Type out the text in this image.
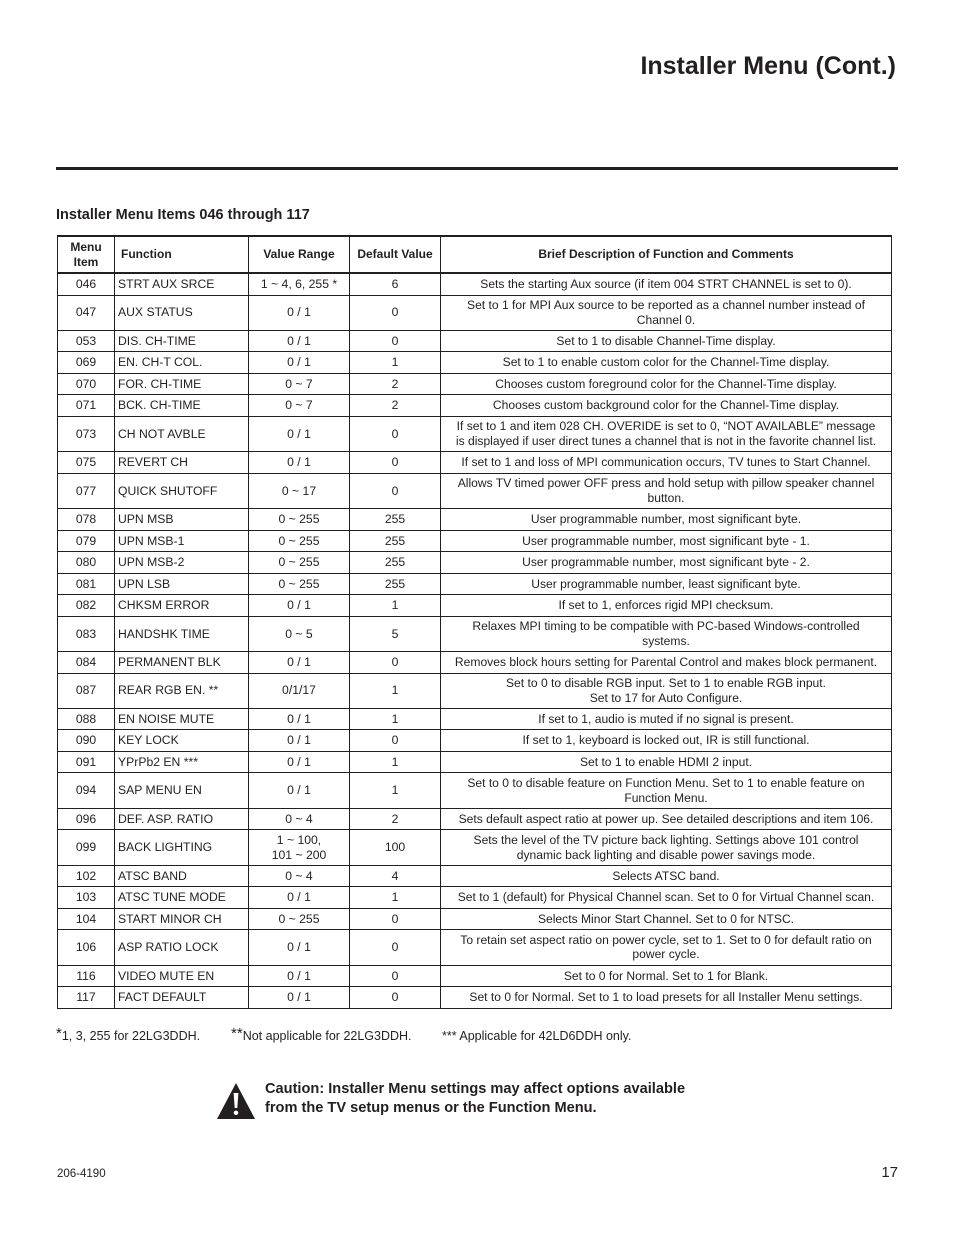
Installer Menu (Cont.)
Installer Menu Items 046 through 117
Menu
Item	Function	Value Range	Default Value	Brief Description of Function and Comments
046	STRT AUX SRCE	1 ~ 4, 6, 255 *	6	Sets the starting Aux source (if item 004 STRT CHANNEL is set to 0).
047	AUX STATUS	0 / 1	0	Set to 1 for MPI Aux source to be reported as a channel number instead of
Channel 0.
053	DIS. CH-TIME	0 / 1	0	Set to 1 to disable Channel-Time display.
069	EN. CH-T COL.	0 / 1	1	Set to 1 to enable custom color for the Channel-Time display.
070	FOR. CH-TIME	0 ~ 7	2	Chooses custom foreground color for the Channel-Time display.
071	BCK. CH-TIME	0 ~ 7	2	Chooses custom background color for the Channel-Time display.
073	CH NOT AVBLE	0 / 1	0	If set to 1 and item 028 CH. OVERIDE is set to 0, “NOT AVAILABLE” message
is displayed if user direct tunes a channel that is not in the favorite channel list.
075	REVERT CH	0 / 1	0	If set to 1 and loss of MPI communication occurs, TV tunes to Start Channel.
077	QUICK SHUTOFF	0 ~ 17	0	Allows TV timed power OFF press and hold setup with pillow speaker channel
button.
078	UPN MSB	0 ~ 255	255	User programmable number, most significant byte.
079	UPN MSB-1	0 ~ 255	255	User programmable number, most significant byte - 1.
080	UPN MSB-2	0 ~ 255	255	User programmable number, most significant byte - 2.
081	UPN LSB	0 ~ 255	255	User programmable number, least significant byte.
082	CHKSM ERROR	0 / 1	1	If set to 1, enforces rigid MPI checksum.
083	HANDSHK TIME	0 ~ 5	5	Relaxes MPI timing to be compatible with PC-based Windows-controlled
systems.
084	PERMANENT BLK	0 / 1	0	Removes block hours setting for Parental Control and makes block permanent.
087	REAR RGB EN. **	0/1/17	1	Set to 0 to disable RGB input. Set to 1 to enable RGB input.
Set to 17 for Auto Configure.
088	EN NOISE MUTE	0 / 1	1	If set to 1, audio is muted if no signal is present.
090	KEY LOCK	0 / 1	0	If set to 1, keyboard is locked out, IR is still functional.
091	YPrPb2 EN ***	0 / 1	1	Set to 1 to enable HDMI 2 input.
094	SAP MENU EN	0 / 1	1	Set to 0 to disable feature on Function Menu. Set to 1 to enable feature on
Function Menu.
096	DEF. ASP. RATIO	0 ~ 4	2	Sets default aspect ratio at power up. See detailed descriptions and item 106.
099	BACK LIGHTING	1 ~ 100,
101 ~ 200	100	Sets the level of the TV picture back lighting. Settings above 101 control
dynamic back lighting and disable power savings mode.
102	ATSC BAND	0 ~ 4	4	Selects ATSC band.
103	ATSC TUNE MODE	0 / 1	1	Set to 1 (default) for Physical Channel scan. Set to 0 for Virtual Channel scan.
104	START MINOR CH	0 ~ 255	0	Selects Minor Start Channel. Set to 0 for NTSC.
106	ASP RATIO LOCK	0 / 1	0	To retain set aspect ratio on power cycle, set to 1. Set to 0 for default ratio on
power cycle.
116	VIDEO MUTE EN	0 / 1	0	Set to 0 for Normal. Set to 1 for Blank.
117	FACT DEFAULT	0 / 1	0	Set to 0 for Normal. Set to 1 to load presets for all Installer Menu settings.

*1, 3, 255 for 22LG3DDH. **Not applicable for 22LG3DDH. *** Applicable for 42LD6DDH only.

Caution: Installer Menu settings may affect options available
from the TV setup menus or the Function Menu.

206-4190	17
